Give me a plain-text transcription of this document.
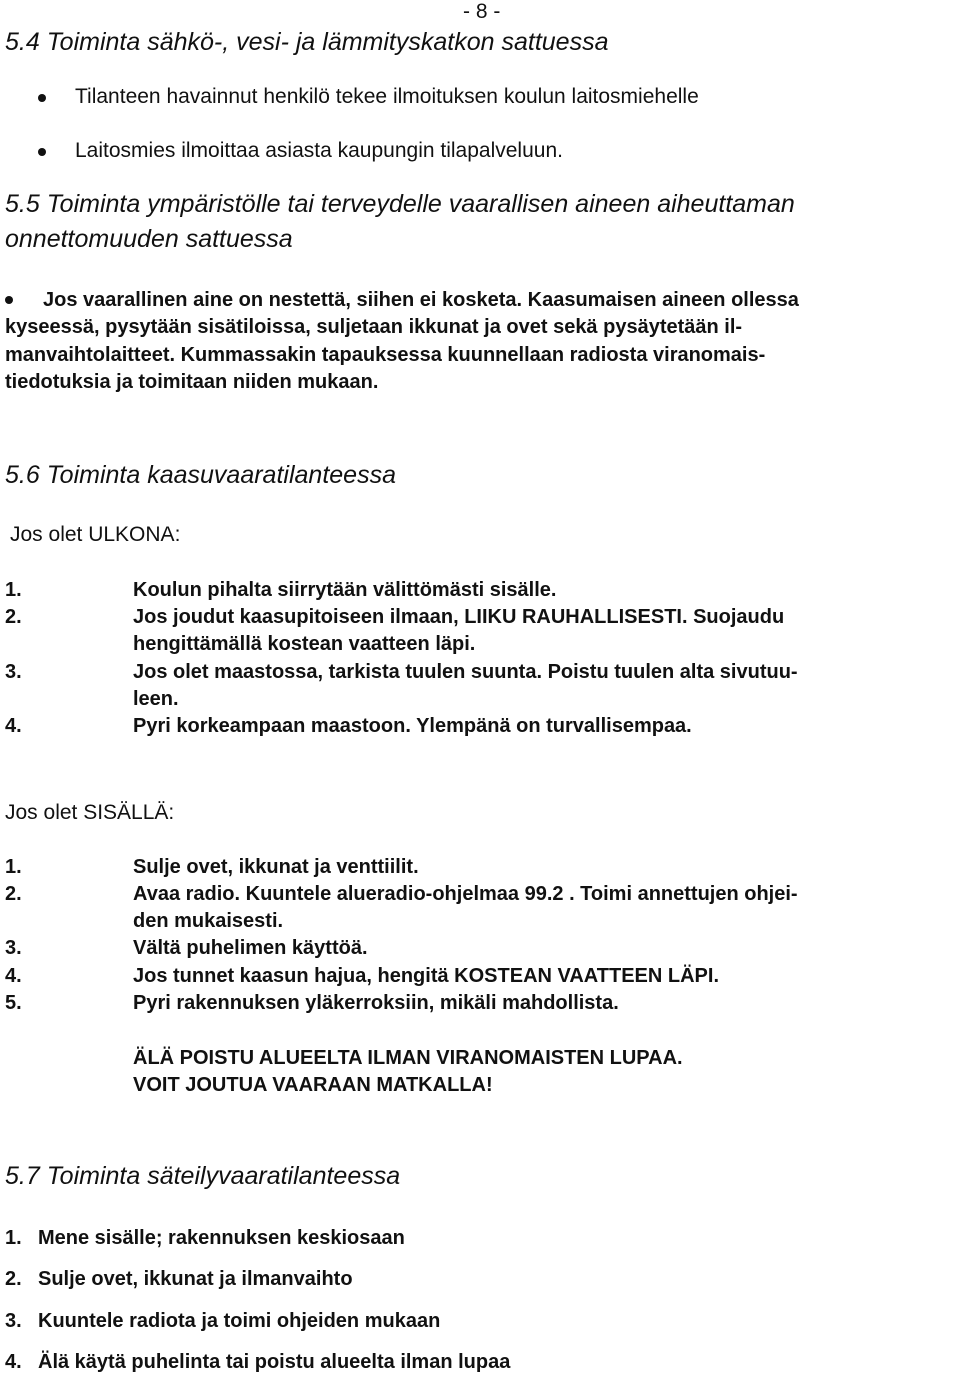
- 8 -
5.4 Toiminta sähkö-, vesi- ja lämmityskatkon sattuessa
Tilanteen havainnut henkilö tekee ilmoituksen koulun laitosmiehelle
Laitosmies ilmoittaa asiasta kaupungin tilapalveluun.
5.5 Toiminta ympäristölle tai terveydelle vaarallisen aineen aiheuttaman
onnettomuuden sattuessa
Jos vaarallinen aine on nestettä, siihen ei kosketa. Kaasumaisen aineen ollessa
kyseessä, pysytään sisätiloissa, suljetaan ikkunat ja ovet sekä pysäytetään il-
manvaihtolaitteet. Kummassakin tapauksessa kuunnellaan radiosta viranomais-
tiedotuksia ja toimitaan niiden mukaan.
5.6 Toiminta kaasuvaaratilanteessa
Jos olet ULKONA:
1.	Koulun pihalta siirrytään välittömästi sisälle.
2.	Jos joudut kaasupitoiseen ilmaan, LIIKU RAUHALLISESTI. Suojaudu
hengittämällä kostean vaatteen läpi.
3.	Jos olet maastossa, tarkista tuulen suunta. Poistu tuulen alta sivutuu-
leen.
4.	Pyri korkeampaan maastoon. Ylempänä on turvallisempaa.
Jos olet SISÄLLÄ:
1.	Sulje ovet, ikkunat ja venttiilit.
2.	Avaa radio. Kuuntele alueradio-ohjelmaa 99.2 . Toimi annettujen ohjei-
den mukaisesti.
3.	Vältä puhelimen käyttöä.
4.	Jos tunnet kaasun hajua, hengitä KOSTEAN VAATTEEN LÄPI.
5.	Pyri rakennuksen yläkerroksiin, mikäli mahdollista.
ÄLÄ POISTU ALUEELTA ILMAN VIRANOMAISTEN LUPAA.
VOIT JOUTUA VAARAAN MATKALLA!
5.7 Toiminta säteilyvaaratilanteessa
1. Mene sisälle; rakennuksen keskiosaan
2. Sulje ovet, ikkunat ja ilmanvaihto
3. Kuuntele radiota ja toimi ohjeiden mukaan
4. Älä käytä puhelinta tai poistu alueelta ilman lupaa
